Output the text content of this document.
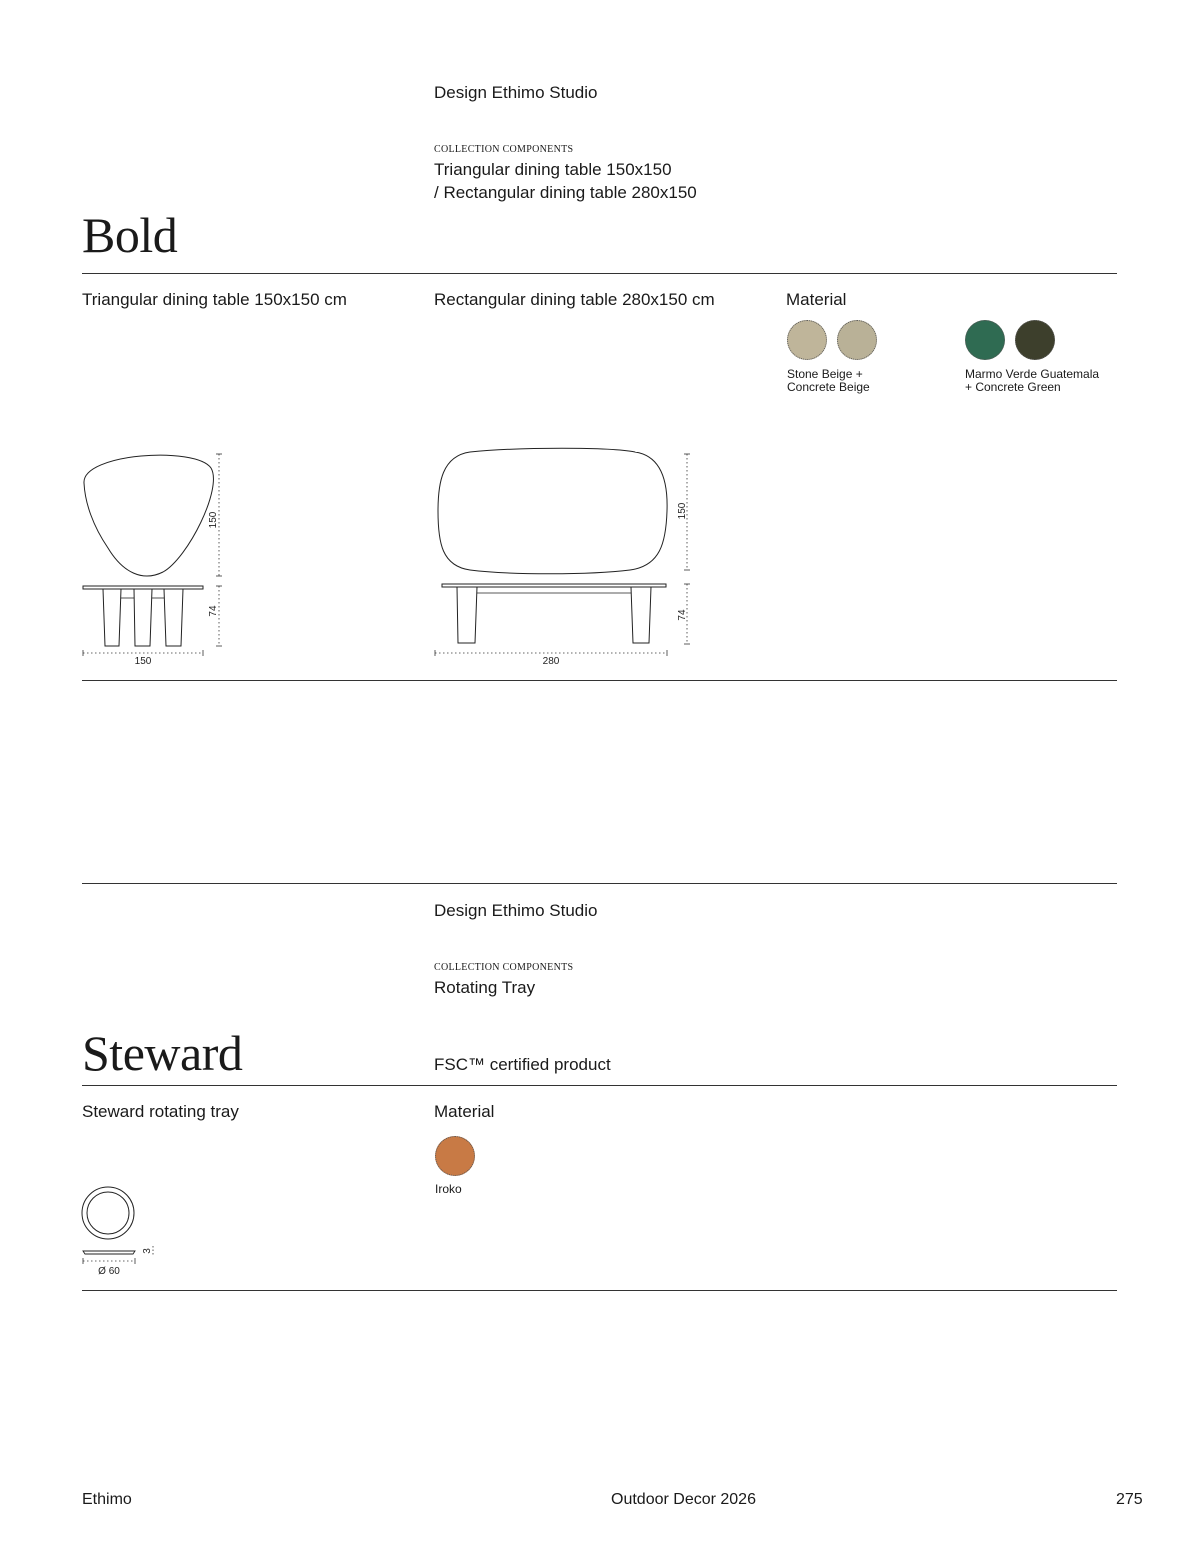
Design Ethimo Studio
COLLECTION COMPONENTS
Triangular dining table 150x150
/ Rectangular dining table 280x150
Bold
Triangular dining table 150x150 cm	Rectangular dining table 280x150 cm	Material
Stone Beige +
Concrete Beige
Marmo Verde Guatemala
+ Concrete Green
150
74
150
150
74
280
Design Ethimo Studio
COLLECTION COMPONENTS
Rotating Tray
Steward	FSC™ certified product
Steward rotating tray	Material
Iroko
3
Ø 60
Ethimo	Outdoor Decor 2026	275
